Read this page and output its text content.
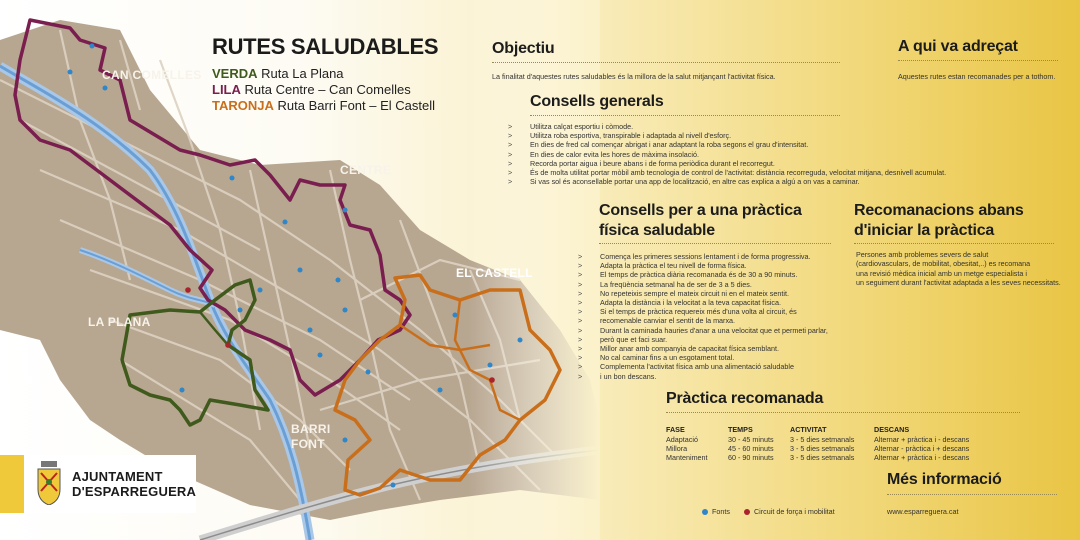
CAN COMELLES
CENTRE
EL CASTELL
LA PLANA
BARRI
FONT
RUTES SALUDABLES
VERDA Ruta La Plana
LILA Ruta Centre – Can Comelles
TARONJA Ruta Barri Font – El Castell
Objectiu
La finalitat d'aquestes rutes saludables és la millora de la salut mitjançant l'activitat física.
A qui va adreçat
Aquestes rutes estan recomanades per a tothom.
Consells generals
> Utilitza calçat esportiu i còmode.
> Utilitza roba esportiva, transpirable i adaptada al nivell d'esforç.
> En dies de fred cal començar abrigat i anar adaptant la roba segons el grau d'intensitat.
> En dies de calor evita les hores de màxima insolació.
> Recorda portar aigua i beure abans i de forma periòdica durant el recorregut.
> És de molta utilitat portar mòbil amb tecnologia de control de l'activitat: distància recorreguda, velocitat mitjana, desnivell acumulat.
> Si vas sol és aconsellable portar una app de localització, en altre cas explica a algú a on vas a caminar.
Consells per a una pràctica
física saludable
> Comença les primeres sessions lentament i de forma progressiva.
> Adapta la pràctica el teu nivell de forma física.
> El temps de pràctica diària recomanada és de 30 a 90 minuts.
> La freqüència setmanal ha de ser de 3 a 5 dies.
> No repeteixis sempre el mateix circuit ni en el mateix sentit.
> Adapta la distància i la velocitat a la teva capacitat física.
> Si el temps de pràctica requereix més d'una volta al circuit, és
> recomenable canviar el sentit de la marxa.
> Durant la caminada hauries d'anar a una velocitat que et permeti parlar,
> però que et faci suar.
> Millor anar amb companyia de capacitat física semblant.
> No cal caminar fins a un esgotament total.
> Complementa l'activitat física amb una alimentació saludable
> i un bon descans.
Recomanacions abans
d'iniciar la pràctica
Persones amb problemes severs de salut
(cardiovasculars, de mobilitat, obesitat,..) es recomana
una revisió mèdica inicial amb un metge especialista i
un seguiment durant l'activitat adaptada a les seves necessitats.
Pràctica recomanada
FASE	TEMPS	ACTIVITAT	DESCANS
Adaptació	30 - 45 minuts	3 - 5 dies setmanals	Alternar + pràctica i - descans
Millora	45 - 60 minuts	3 - 5 dies setmanals	Alternar - pràctica i + descans
Manteniment	60 - 90 minuts	3 - 5 dies setmanals	Alternar + pràctica i - descans
Més informació
www.esparreguera.cat
Fonts	Circuit de força i mobilitat
AJUNTAMENT
D'ESPARREGUERA
